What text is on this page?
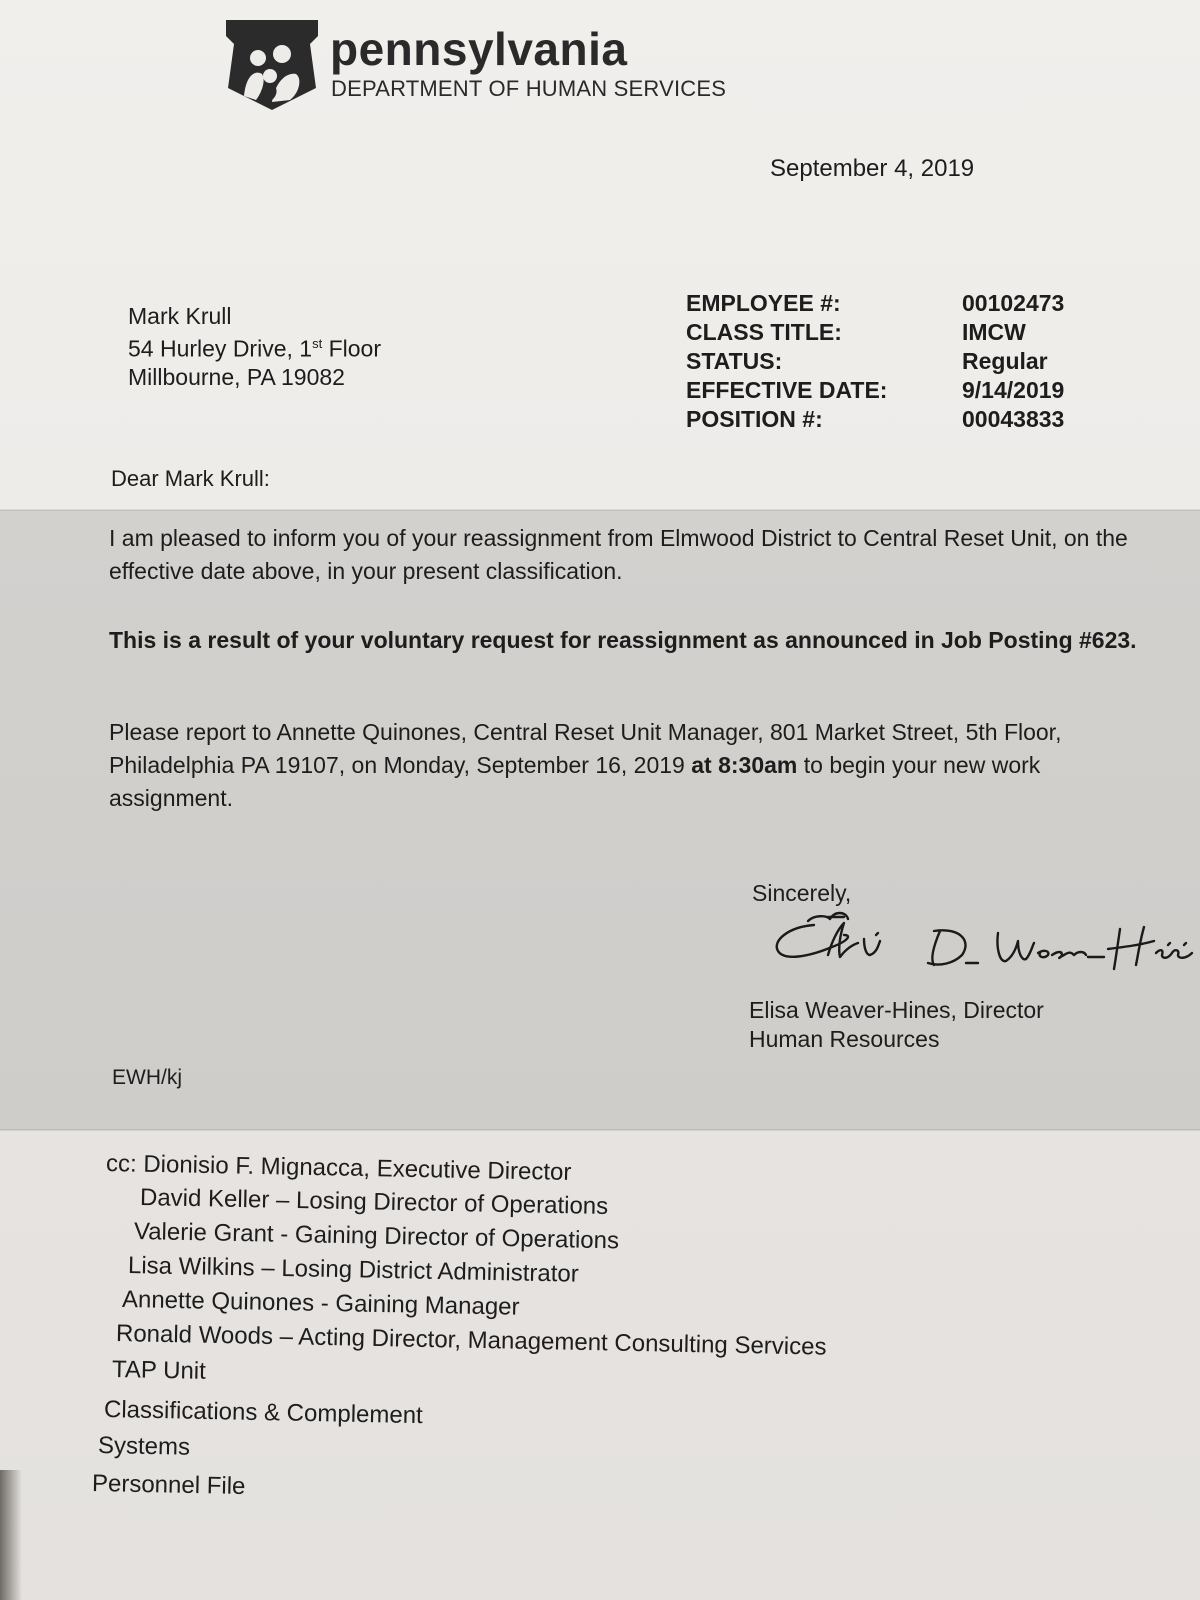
pennsylvania
DEPARTMENT OF HUMAN SERVICES
September 4, 2019
Mark Krull
54 Hurley Drive, 1st Floor
Millbourne, PA 19082
EMPLOYEE #:	00102473
CLASS TITLE:	IMCW
STATUS:	Regular
EFFECTIVE DATE:	9/14/2019
POSITION #:	00043833
Dear Mark Krull:
I am pleased to inform you of your reassignment from Elmwood District to Central Reset Unit, on the effective date above, in your present classification.
This is a result of your voluntary request for reassignment as announced in Job Posting #623.
Please report to Annette Quinones, Central Reset Unit Manager, 801 Market Street, 5th Floor, Philadelphia PA 19107, on Monday, September 16, 2019 at 8:30am to begin your new work assignment.
Sincerely,
Elisa Weaver-Hines, Director
Human Resources
EWH/kj
cc: Dionisio F. Mignacca, Executive Director
David Keller – Losing Director of Operations
Valerie Grant - Gaining Director of Operations
Lisa Wilkins – Losing District Administrator
Annette Quinones - Gaining Manager
Ronald Woods – Acting Director, Management Consulting Services
TAP Unit
Classifications & Complement
Systems
Personnel File
